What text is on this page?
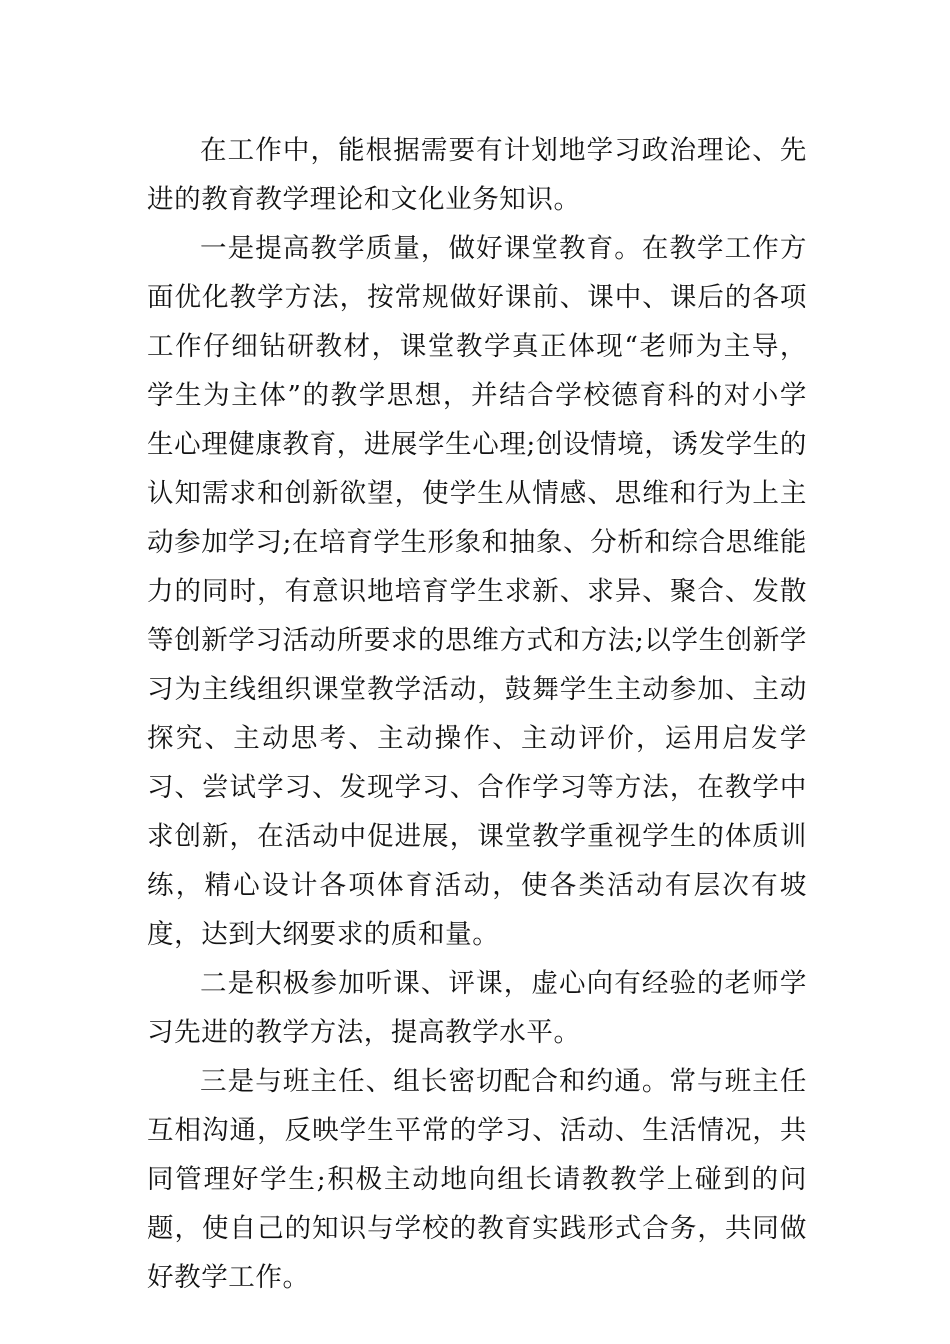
在工作中，能根据需要有计划地学习政治理论、先进的教育教学理论和文化业务知识。

一是提高教学质量，做好课堂教育。在教学工作方面优化教学方法，按常规做好课前、课中、课后的各项工作仔细钻研教材，课堂教学真正体现“老师为主导，学生为主体”的教学思想，并结合学校德育科的对小学生心理健康教育，进展学生心理;创设情境，诱发学生的认知需求和创新欲望，使学生从情感、思维和行为上主动参加学习;在培育学生形象和抽象、分析和综合思维能力的同时，有意识地培育学生求新、求异、聚合、发散等创新学习活动所要求的思维方式和方法;以学生创新学习为主线组织课堂教学活动，鼓舞学生主动参加、主动探究、主动思考、主动操作、主动评价，运用启发学习、尝试学习、发现学习、合作学习等方法，在教学中求创新，在活动中促进展，课堂教学重视学生的体质训练，精心设计各项体育活动，使各类活动有层次有坡度，达到大纲要求的质和量。

二是积极参加听课、评课，虚心向有经验的老师学习先进的教学方法，提高教学水平。

三是与班主任、组长密切配合和约通。常与班主任互相沟通，反映学生平常的学习、活动、生活情况，共同管理好学生;积极主动地向组长请教教学上碰到的问题，使自己的知识与学校的教育实践形式合务，共同做好教学工作。
